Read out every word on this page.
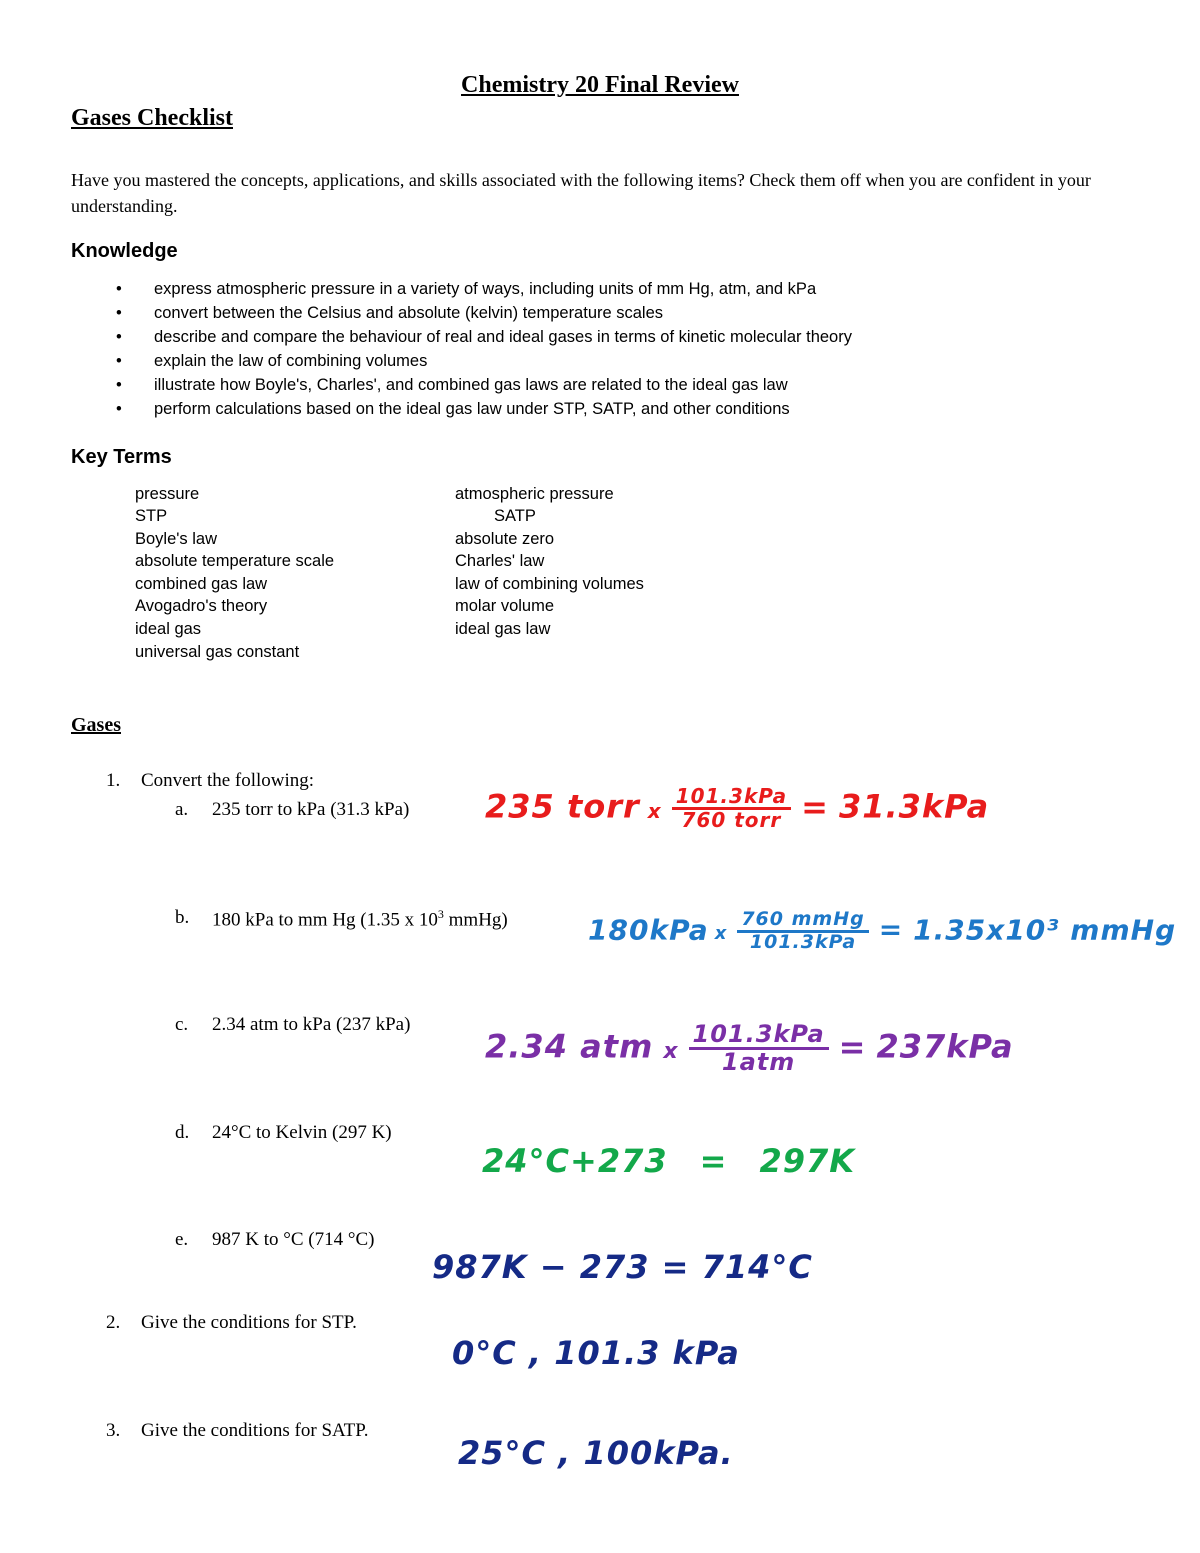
Chemistry 20 Final Review
Gases Checklist
Have you mastered the concepts, applications, and skills associated with the following items? Check them off when you are confident in your understanding.
Knowledge
• express atmospheric pressure in a variety of ways, including units of mm Hg, atm, and kPa
• convert between the Celsius and absolute (kelvin) temperature scales
• describe and compare the behaviour of real and ideal gases in terms of kinetic molecular theory
• explain the law of combining volumes
• illustrate how Boyle's, Charles', and combined gas laws are related to the ideal gas law
• perform calculations based on the ideal gas law under STP, SATP, and other conditions
Key Terms
pressure
STP
Boyle's law
absolute temperature scale
combined gas law
Avogadro's theory
ideal gas
universal gas constant
atmospheric pressure
SATP
absolute zero
Charles' law
law of combining volumes
molar volume
ideal gas law
Gases
1. Convert the following:
a. 235 torr to kPa (31.3 kPa)
b. 180 kPa to mm Hg (1.35 x $10^3$ mmHg)
c. 2.34 atm to kPa (237 kPa)
d. 24°C to Kelvin (297 K)
e. 987 K to °C (714 °C)
2. Give the conditions for STP.
3. Give the conditions for SATP.
235 torr x $\frac{\text{101.3kPa}}{\text{760 torr}} = 31.3kPa$
180kPa x $\frac{\text{760 mmHg}}{\text{101.3kPa}} = 1.35x10^3$ mmHg
2.34 atm x $\frac{\text{101.3kPa}}{\text{1atm}} = 237kPa$
24°C+273 = 297K
987K − 273 = 714°C
0°C , 101.3 kPa
25°C , 100kPa.
